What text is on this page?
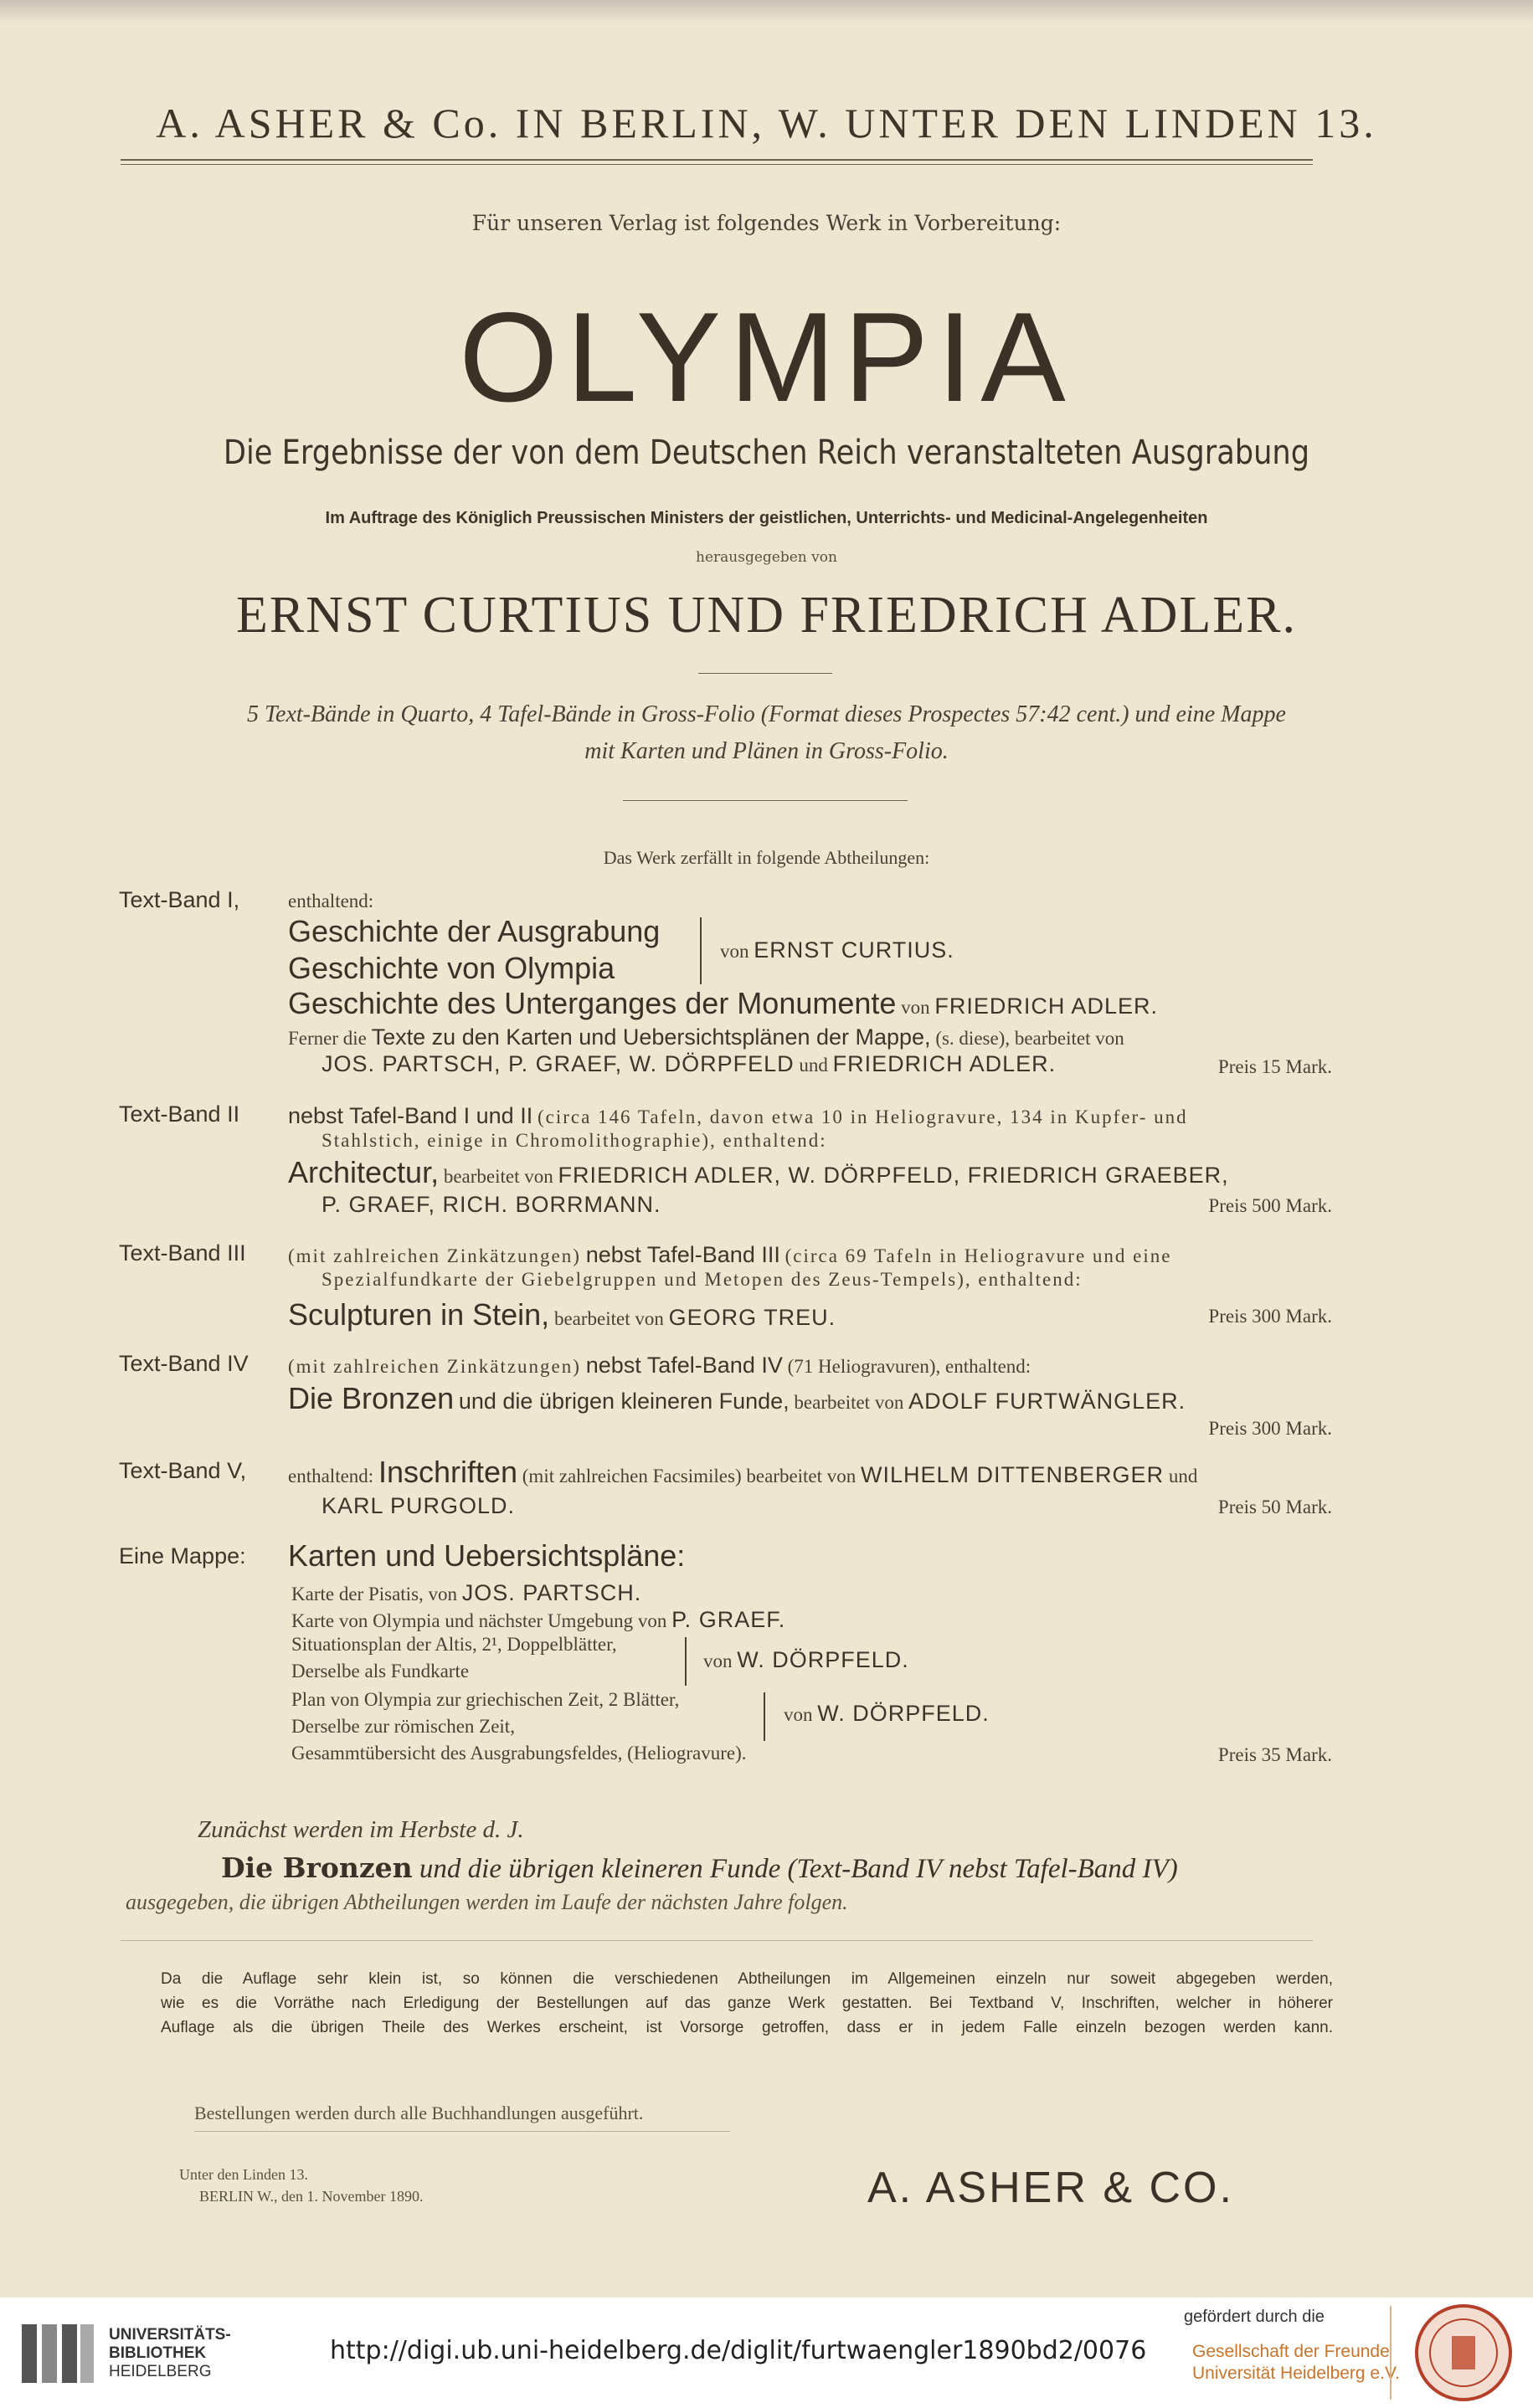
A. ASHER & Co. IN BERLIN, W. UNTER DEN LINDEN 13.
Für unseren Verlag ist folgendes Werk in Vorbereitung:
OLYMPIA
Die Ergebnisse der von dem Deutschen Reich veranstalteten Ausgrabung
Im Auftrage des Königlich Preussischen Ministers der geistlichen, Unterrichts- und Medicinal-Angelegenheiten
herausgegeben von
ERNST CURTIUS UND FRIEDRICH ADLER.
5 Text-Bände in Quarto, 4 Tafel-Bände in Gross-Folio (Format dieses Prospectes 57:42 cent.) und eine Mappe
mit Karten und Plänen in Gross-Folio.
Das Werk zerfällt in folgende Abtheilungen:
Text-Band I,	enthaltend:
Geschichte der Ausgrabung
Geschichte von Olympia	von ERNST CURTIUS.
Geschichte des Unterganges der Monumente von FRIEDRICH ADLER.
Ferner die Texte zu den Karten und Uebersichtsplänen der Mappe, (s. diese), bearbeitet von
JOS. PARTSCH, P. GRAEF, W. DÖRPFELD und FRIEDRICH ADLER.	Preis 15 Mark.
Text-Band II nebst Tafel-Band I und II (circa 146 Tafeln, davon etwa 10 in Heliogravure, 134 in Kupfer- und
Stahlstich, einige in Chromolithographie), enthaltend:
Architectur, bearbeitet von FRIEDRICH ADLER, W. DÖRPFELD, FRIEDRICH GRAEBER,
P. GRAEF, RICH. BORRMANN.	Preis 500 Mark.
Text-Band III (mit zahlreichen Zinkätzungen) nebst Tafel-Band III (circa 69 Tafeln in Heliogravure und eine
Spezialfundkarte der Giebelgruppen und Metopen des Zeus-Tempels), enthaltend:
Sculpturen in Stein, bearbeitet von GEORG TREU.	Preis 300 Mark.
Text-Band IV (mit zahlreichen Zinkätzungen) nebst Tafel-Band IV (71 Heliogravuren), enthaltend:
Die Bronzen und die übrigen kleineren Funde, bearbeitet von ADOLF FURTWÄNGLER.
Preis 300 Mark.
Text-Band V, enthaltend: Inschriften (mit zahlreichen Facsimiles) bearbeitet von WILHELM DITTENBERGER und
KARL PURGOLD.	Preis 50 Mark.
Eine Mappe: Karten und Uebersichtspläne:
Karte der Pisatis, von JOS. PARTSCH.
Karte von Olympia und nächster Umgebung von P. GRAEF.
Situationsplan der Altis, 2¹, Doppelblätter,
Derselbe als Fundkarte	von W. DÖRPFELD.
Plan von Olympia zur griechischen Zeit, 2 Blätter,
Derselbe zur römischen Zeit,
von W. DÖRPFELD.
Gesammtübersicht des Ausgrabungsfeldes, (Heliogravure).	Preis 35 Mark.
Zunächst werden im Herbste d. J.
Die Bronzen und die übrigen kleineren Funde (Text-Band IV nebst Tafel-Band IV)
ausgegeben, die übrigen Abtheilungen werden im Laufe der nächsten Jahre folgen.
Da die Auflage sehr klein ist, so können die verschiedenen Abtheilungen im Allgemeinen einzeln nur soweit abgegeben werden,
wie es die Vorräthe nach Erledigung der Bestellungen auf das ganze Werk gestatten. Bei Textband V, Inschriften, welcher in höherer
Auflage als die übrigen Theile des Werkes erscheint, ist Vorsorge getroffen, dass er in jedem Falle einzeln bezogen werden kann.
Bestellungen werden durch alle Buchhandlungen ausgeführt.
Unter den Linden 13.
BERLIN W., den 1. November 1890.	A. ASHER & CO.
UNIVERSITÄTS-
BIBLIOTHEK
HEIDELBERG
http://digi.ub.uni-heidelberg.de/diglit/furtwaengler1890bd2/0076
gefördert durch die
Gesellschaft der Freunde
Universität Heidelberg e.V.
